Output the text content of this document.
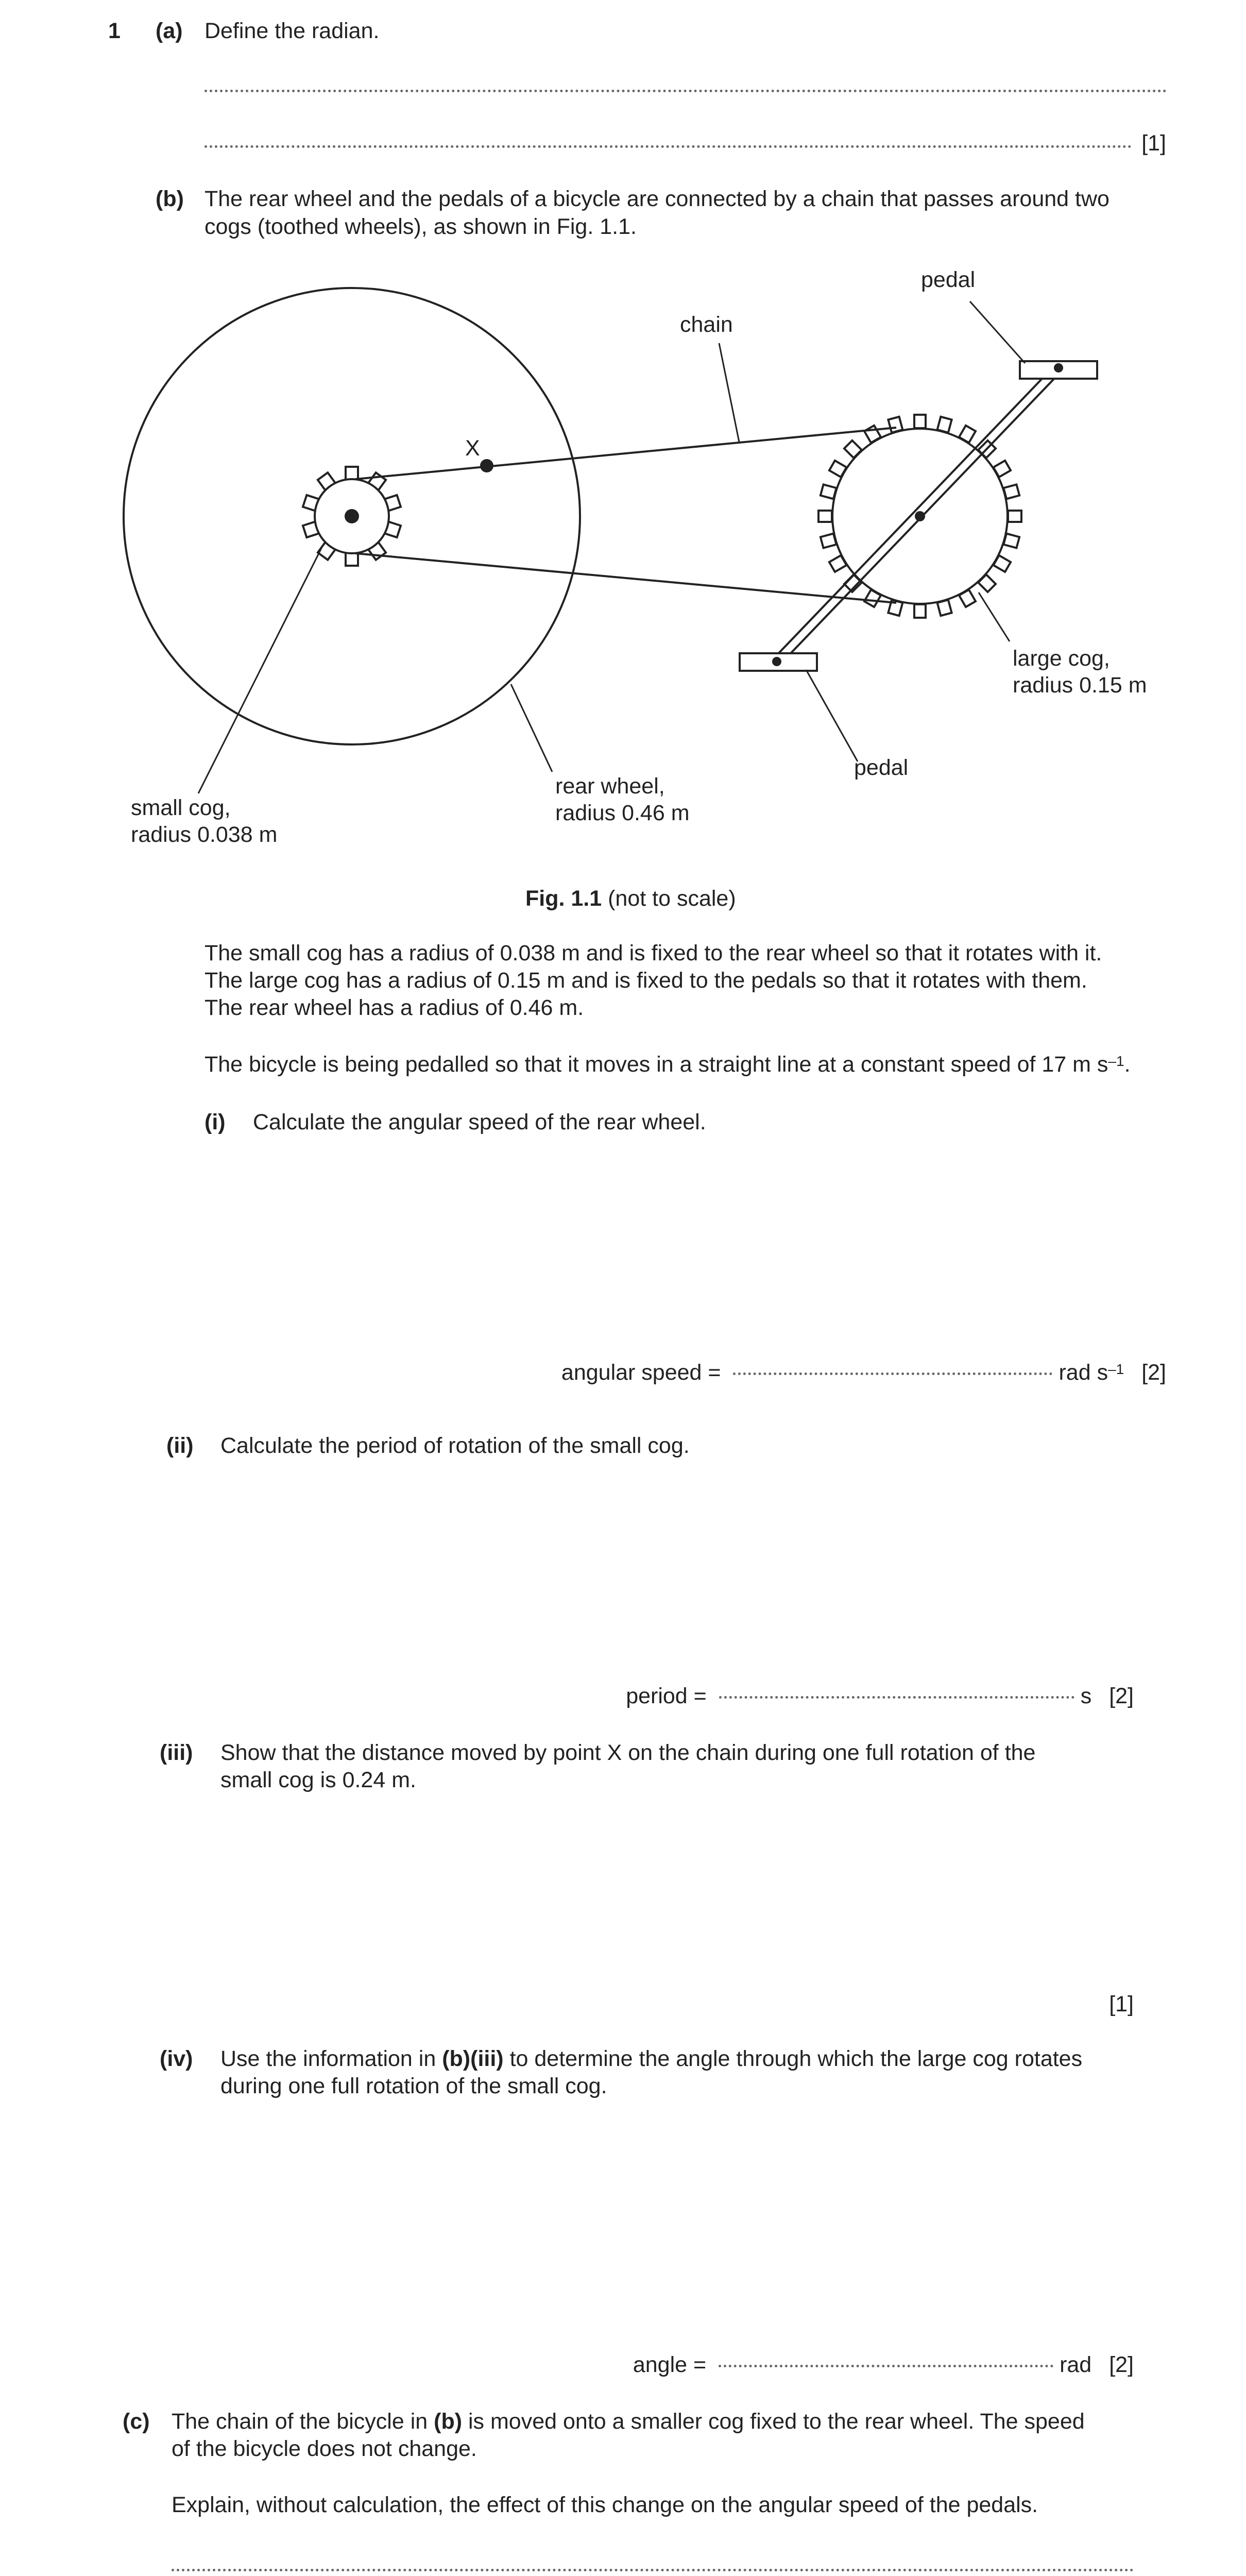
1 (a) Define the radian.
[1]
(b) The rear wheel and the pedals of a bicycle are connected by a chain that passes around two
cogs (toothed wheels), as shown in Fig. 1.1.
pedal
chain
X
large cog,
radius 0.15 m
pedal
small cog,
radius 0.038 m
rear wheel,
radius 0.46 m
Fig. 1.1 (not to scale)
The small cog has a radius of 0.038 m and is fixed to the rear wheel so that it rotates with it.
The large cog has a radius of 0.15 m and is fixed to the pedals so that it rotates with them.
The rear wheel has a radius of 0.46 m.
The bicycle is being pedalled so that it moves in a straight line at a constant speed of 17 m $s^{-1}$.
(i) Calculate the angular speed of the rear wheel.
angular speed =	rad $s^{-1}$ [2]
(ii) Calculate the period of rotation of the small cog.
period =	s [2]
(iii) Show that the distance moved by point X on the chain during one full rotation of the
small cog is 0.24 m.
[1]
(iv) Use the information in (b)(iii) to determine the angle through which the large cog rotates
during one full rotation of the small cog.
angle =	rad [2]
(c) The chain of the bicycle in (b) is moved onto a smaller cog fixed to the rear wheel. The speed
of the bicycle does not change.
Explain, without calculation, the effect of this change on the angular speed of the pedals.
